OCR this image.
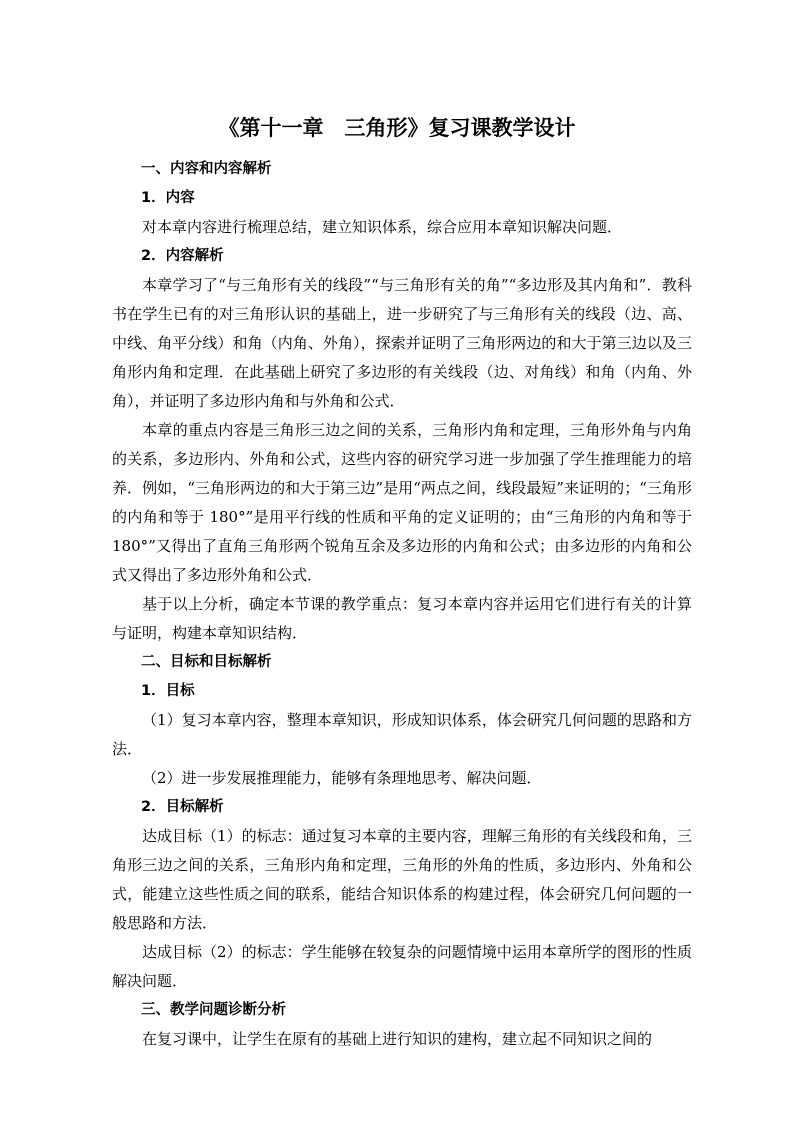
《第十一章　三角形》复习课教学设计

一、内容和内容解析

1．内容

对本章内容进行梳理总结，建立知识体系，综合应用本章知识解决问题．

2．内容解析

本章学习了“与三角形有关的线段”“与三角形有关的角”“多边形及其内角和”．教科书在学生已有的对三角形认识的基础上，进一步研究了与三角形有关的线段（边、高、中线、角平分线）和角（内角、外角），探索并证明了三角形两边的和大于第三边以及三角形内角和定理．在此基础上研究了多边形的有关线段（边、对角线）和角（内角、外角），并证明了多边形内角和与外角和公式．

本章的重点内容是三角形三边之间的关系，三角形内角和定理，三角形外角与内角的关系，多边形内、外角和公式，这些内容的研究学习进一步加强了学生推理能力的培养．例如，“三角形两边的和大于第三边”是用“两点之间，线段最短”来证明的；“三角形的内角和等于 180°”是用平行线的性质和平角的定义证明的；由“三角形的内角和等于 180°”又得出了直角三角形两个锐角互余及多边形的内角和公式；由多边形的内角和公式又得出了多边形外角和公式．

基于以上分析，确定本节课的教学重点：复习本章内容并运用它们进行有关的计算与证明，构建本章知识结构．

二、目标和目标解析

1．目标

（1）复习本章内容，整理本章知识，形成知识体系，体会研究几何问题的思路和方法．

（2）进一步发展推理能力，能够有条理地思考、解决问题．

2．目标解析

达成目标（1）的标志：通过复习本章的主要内容，理解三角形的有关线段和角，三角形三边之间的关系，三角形内角和定理，三角形的外角的性质，多边形内、外角和公式，能建立这些性质之间的联系，能结合知识体系的构建过程，体会研究几何问题的一般思路和方法．

达成目标（2）的标志：学生能够在较复杂的问题情境中运用本章所学的图形的性质解决问题．

三、教学问题诊断分析

在复习课中，让学生在原有的基础上进行知识的建构，建立起不同知识之间的
